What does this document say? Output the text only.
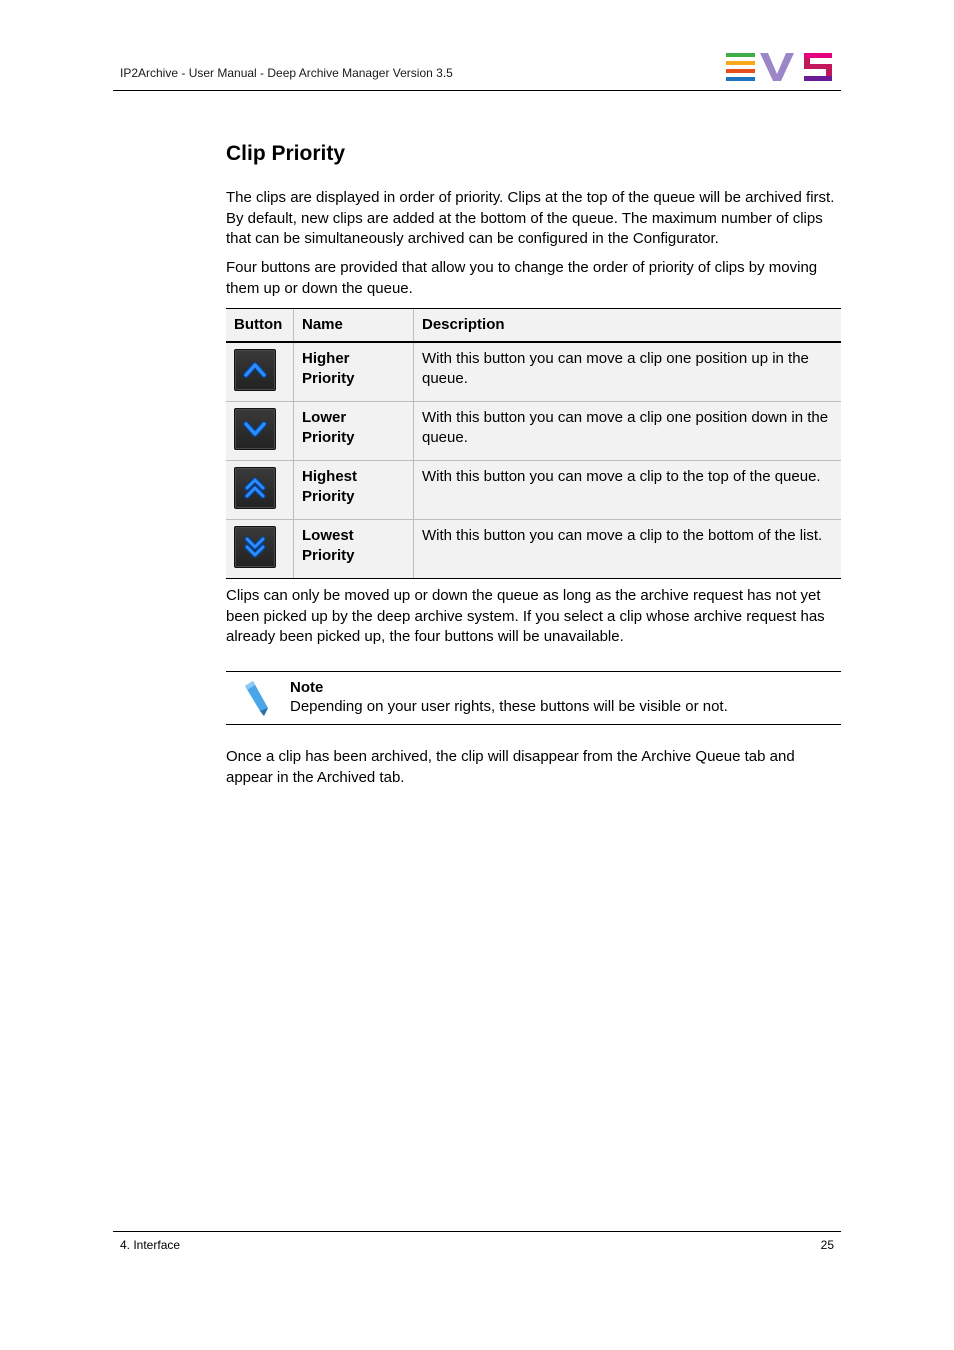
IP2Archive - User Manual - Deep Archive Manager Version 3.5
Clip Priority
The clips are displayed in order of priority. Clips at the top of the queue will be archived first. By default, new clips are added at the bottom of the queue. The maximum number of clips that can be simultaneously archived can be configured in the Configurator.
Four buttons are provided that allow you to change the order of priority of clips by moving them up or down the queue.
Button	Name	Description

Higher
Priority	With this button you can move a clip one position up in the queue.

Lower
Priority	With this button you can move a clip one position down in the queue.

Highest
Priority	With this button you can move a clip to the top of the queue.

Lowest
Priority	With this button you can move a clip to the bottom of the list.
Clips can only be moved up or down the queue as long as the archive request has not yet been picked up by the deep archive system. If you select a clip whose archive request has already been picked up, the four buttons will be unavailable.
Note
Depending on your user rights, these buttons will be visible or not.
Once a clip has been archived, the clip will disappear from the Archive Queue tab and appear in the Archived tab.
4. Interface	25
